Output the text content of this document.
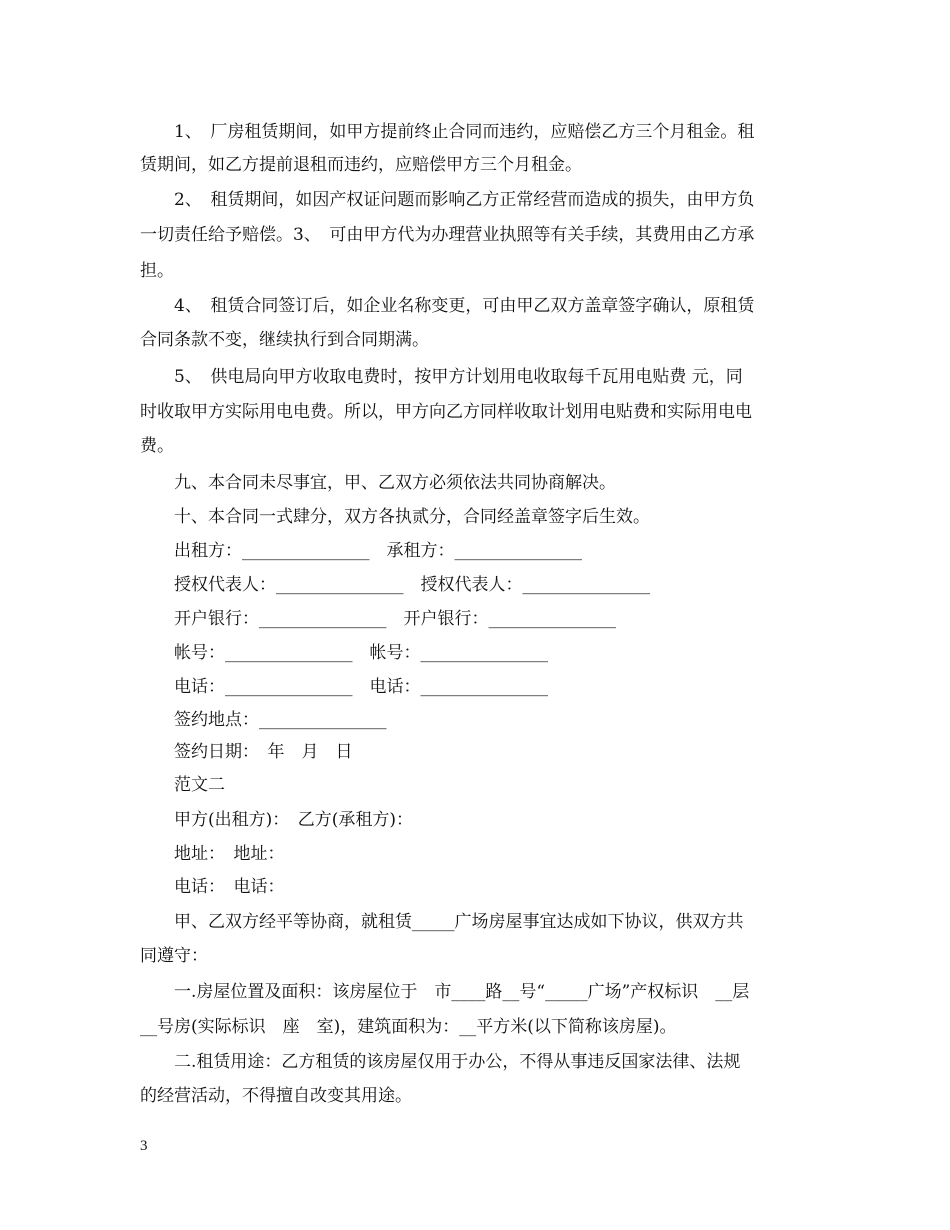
1、　厂房租赁期间，如甲方提前终止合同而违约，应赔偿乙方三个月租金。租
赁期间，如乙方提前退租而违约，应赔偿甲方三个月租金。
2、　租赁期间，如因产权证问题而影响乙方正常经营而造成的损失，由甲方负
一切责任给予赔偿。3、　可由甲方代为办理营业执照等有关手续，其费用由乙方承
担。
4、　租赁合同签订后，如企业名称变更，可由甲乙双方盖章签字确认，原租赁
合同条款不变，继续执行到合同期满。
5、　供电局向甲方收取电费时，按甲方计划用电收取每千瓦用电贴费 元，同
时收取甲方实际用电电费。所以，甲方向乙方同样收取计划用电贴费和实际用电电
费。
九、本合同未尽事宜，甲、乙双方必须依法共同协商解决。
十、本合同一式肆分，双方各执贰分，合同经盖章签字后生效。
出租方：_______________　承租方：_______________
授权代表人：_______________　授权代表人：_______________
开户银行：_______________　开户银行：_______________
帐号：_______________　帐号：_______________
电话：_______________　电话：_______________
签约地点：_______________
签约日期：　年　月　日
范文二
甲方(出租方)：　乙方(承租方)：
地址：　地址：
电话：　电话：
甲、乙双方经平等协商，就租赁_____广场房屋事宜达成如下协议，供双方共
同遵守：
一.房屋位置及面积：该房屋位于　市____路__号“_____广场”产权标识　__层
__号房(实际标识　座　室)，建筑面积为：__平方米(以下简称该房屋)。
二.租赁用途：乙方租赁的该房屋仅用于办公，不得从事违反国家法律、法规
的经营活动，不得擅自改变其用途。
3
